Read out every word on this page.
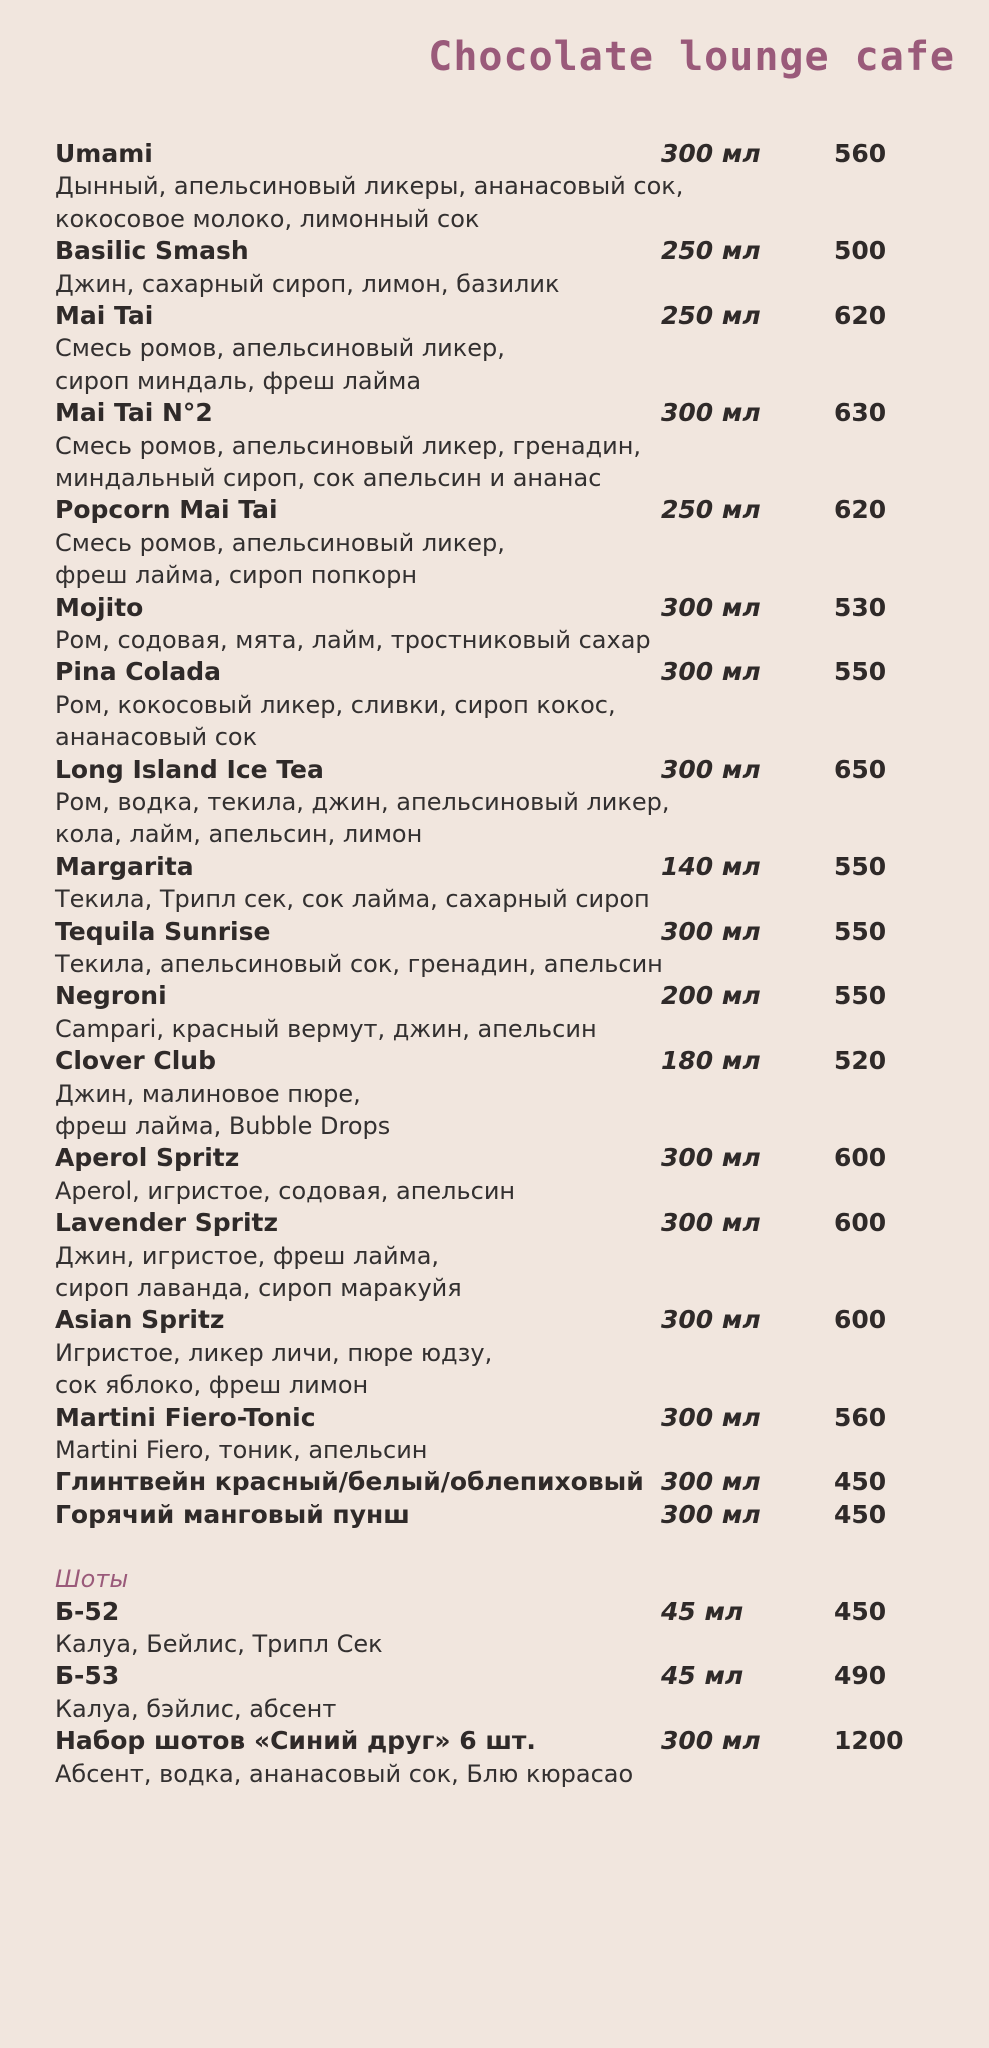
Chocolate lounge cafe
Umami	300 мл	560
Дынный, апельсиновый ликеры, ананасовый сок,
кокосовое молоко, лимонный сок
Basilic Smash	250 мл	500
Джин, сахарный сироп, лимон, базилик
Mai Tai	250 мл	620
Смесь ромов, апельсиновый ликер,
сироп миндаль, фреш лайма
Mai Tai N°2	300 мл	630
Смесь ромов, апельсиновый ликер, гренадин,
миндальный сироп, сок апельсин и ананас
Popcorn Mai Tai	250 мл	620
Смесь ромов, апельсиновый ликер,
фреш лайма, сироп попкорн
Mojito	300 мл	530
Ром, содовая, мята, лайм, тростниковый сахар
Pina Colada	300 мл	550
Ром, кокосовый ликер, сливки, сироп кокос,
ананасовый сок
Long Island Ice Tea	300 мл	650
Ром, водка, текила, джин, апельсиновый ликер,
кола, лайм, апельсин, лимон
Margarita	140 мл	550
Текила, Трипл сек, сок лайма, сахарный сироп
Tequila Sunrise	300 мл	550
Текила, апельсиновый сок, гренадин, апельсин
Negroni	200 мл	550
Campari, красный вермут, джин, апельсин
Clover Club	180 мл	520
Джин, малиновое пюре,
фреш лайма, Bubble Drops
Aperol Spritz	300 мл	600
Aperol, игристое, содовая, апельсин
Lavender Spritz	300 мл	600
Джин, игристое, фреш лайма,
сироп лаванда, сироп маракуйя
Asian Spritz	300 мл	600
Игристое, ликер личи, пюре юдзу,
сок яблоко, фреш лимон
Martini Fiero-Tonic	300 мл	560
Martini Fiero, тоник, апельсин
Глинтвейн красный/белый/облепиховый 300 мл	450
Горячий манговый пунш	300 мл	450
Шоты
Б-52	45 мл	450
Калуа, Бейлис, Трипл Сек
Б-53	45 мл	490
Калуа, бэйлис, абсент
Набор шотов «Синий друг» 6 шт.	300 мл	1200
Абсент, водка, ананасовый сок, Блю кюрасао
